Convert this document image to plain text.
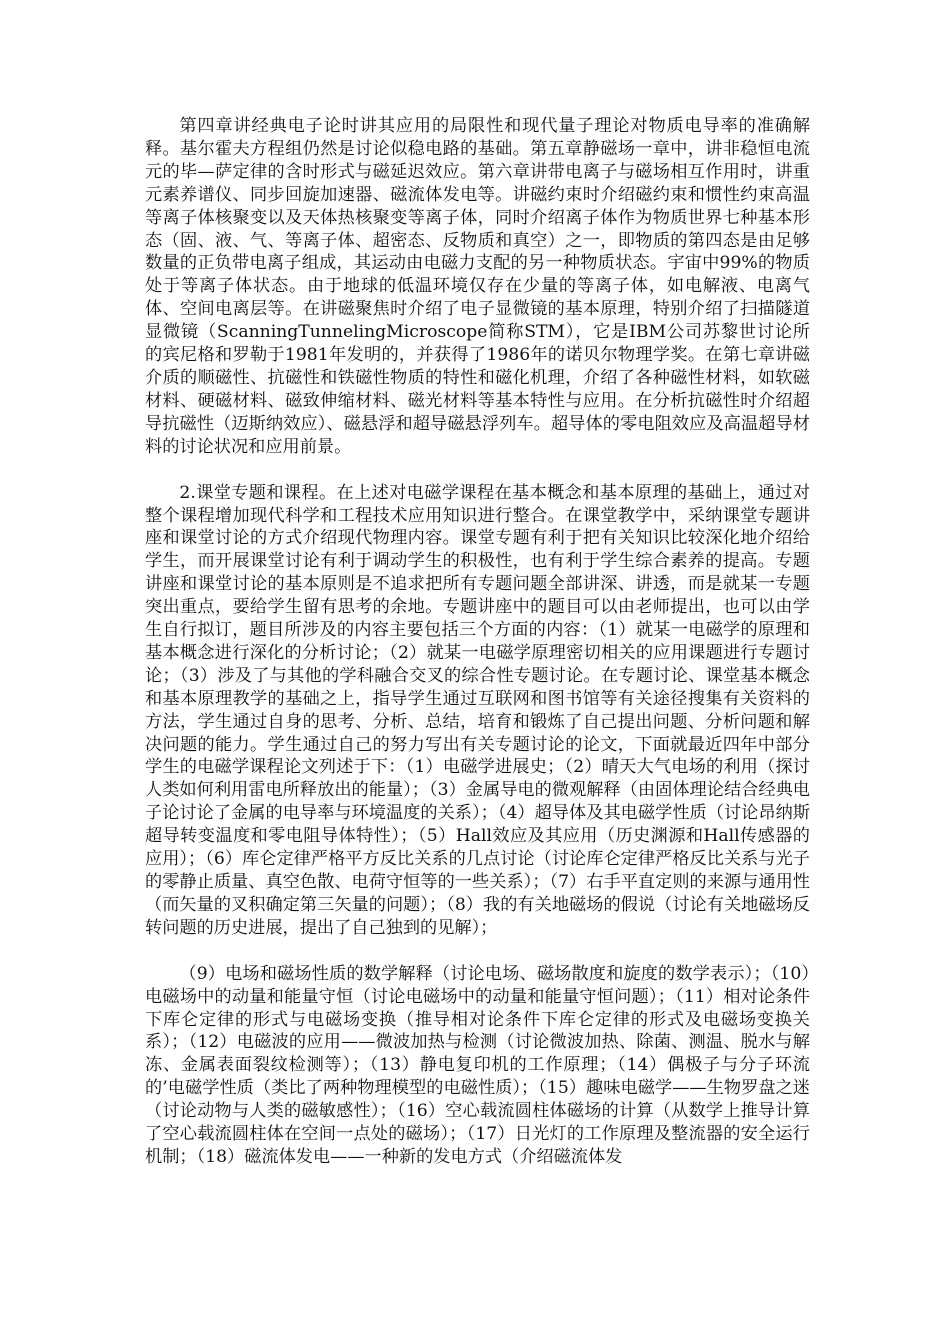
第四章讲经典电子论时讲其应用的局限性和现代量子理论对物质电导率的准确解释。基尔霍夫方程组仍然是讨论似稳电路的基础。第五章静磁场一章中，讲非稳恒电流元的毕—萨定律的含时形式与磁延迟效应。第六章讲带电离子与磁场相互作用时，讲重元素养谱仪、同步回旋加速器、磁流体发电等。讲磁约束时介绍磁约束和惯性约束高温等离子体核聚变以及天体热核聚变等离子体，同时介绍离子体作为物质世界七种基本形态（固、液、气、等离子体、超密态、反物质和真空）之一，即物质的第四态是由足够数量的正负带电离子组成，其运动由电磁力支配的另一种物质状态。宇宙中99%的物质处于等离子体状态。由于地球的低温环境仅存在少量的等离子体，如电解液、电离气体、空间电离层等。在讲磁聚焦时介绍了电子显微镜的基本原理，特别介绍了扫描隧道显微镜（ScanningTunnelingMicroscope简称STM），它是IBM公司苏黎世讨论所的宾尼格和罗勒于1981年发明的，并获得了1986年的诺贝尔物理学奖。在第七章讲磁介质的顺磁性、抗磁性和铁磁性物质的特性和磁化机理，介绍了各种磁性材料，如软磁材料、硬磁材料、磁致伸缩材料、磁光材料等基本特性与应用。在分析抗磁性时介绍超导抗磁性（迈斯纳效应）、磁悬浮和超导磁悬浮列车。超导体的零电阻效应及高温超导材料的讨论状况和应用前景。

2.课堂专题和课程。在上述对电磁学课程在基本概念和基本原理的基础上，通过对整个课程增加现代科学和工程技术应用知识进行整合。在课堂教学中，采纳课堂专题讲座和课堂讨论的方式介绍现代物理内容。课堂专题有利于把有关知识比较深化地介绍给学生，而开展课堂讨论有利于调动学生的积极性，也有利于学生综合素养的提高。专题讲座和课堂讨论的基本原则是不追求把所有专题问题全部讲深、讲透，而是就某一专题突出重点，要给学生留有思考的余地。专题讲座中的题目可以由老师提出，也可以由学生自行拟订，题目所涉及的内容主要包括三个方面的内容：（1）就某一电磁学的原理和基本概念进行深化的分析讨论；（2）就某一电磁学原理密切相关的应用课题进行专题讨论；（3）涉及了与其他的学科融合交叉的综合性专题讨论。在专题讨论、课堂基本概念和基本原理教学的基础之上，指导学生通过互联网和图书馆等有关途径搜集有关资料的方法，学生通过自身的思考、分析、总结，培育和锻炼了自己提出问题、分析问题和解决问题的能力。学生通过自己的努力写出有关专题讨论的论文，下面就最近四年中部分学生的电磁学课程论文列述于下：（1）电磁学进展史；（2）晴天大气电场的利用（探讨人类如何利用雷电所释放出的能量）；（3）金属导电的微观解释（由固体理论结合经典电子论讨论了金属的电导率与环境温度的关系）；（4）超导体及其电磁学性质（讨论昂纳斯超导转变温度和零电阻导体特性）；（5）Hall效应及其应用（历史渊源和Hall传感器的应用）；（6）库仑定律严格平方反比关系的几点讨论（讨论库仑定律严格反比关系与光子的零静止质量、真空色散、电荷守恒等的一些关系）；（7）右手平直定则的来源与通用性（而矢量的叉积确定第三矢量的问题）；（8）我的有关地磁场的假说（讨论有关地磁场反转问题的历史进展，提出了自己独到的见解）；

（9）电场和磁场性质的数学解释（讨论电场、磁场散度和旋度的数学表示）；（10）电磁场中的动量和能量守恒（讨论电磁场中的动量和能量守恒问题）；（11）相对论条件下库仑定律的形式与电磁场变换（推导相对论条件下库仑定律的形式及电磁场变换关系）；（12）电磁波的应用——微波加热与检测（讨论微波加热、除菌、测温、脱水与解冻、金属表面裂纹检测等）；（13）静电复印机的工作原理；（14）偶极子与分子环流的’电磁学性质（类比了两种物理模型的电磁性质）；（15）趣味电磁学——生物罗盘之迷（讨论动物与人类的磁敏感性）；（16）空心载流圆柱体磁场的计算（从数学上推导计算了空心载流圆柱体在空间一点处的磁场）；（17）日光灯的工作原理及整流器的安全运行机制；（18）磁流体发电——一种新的发电方式（介绍磁流体发
